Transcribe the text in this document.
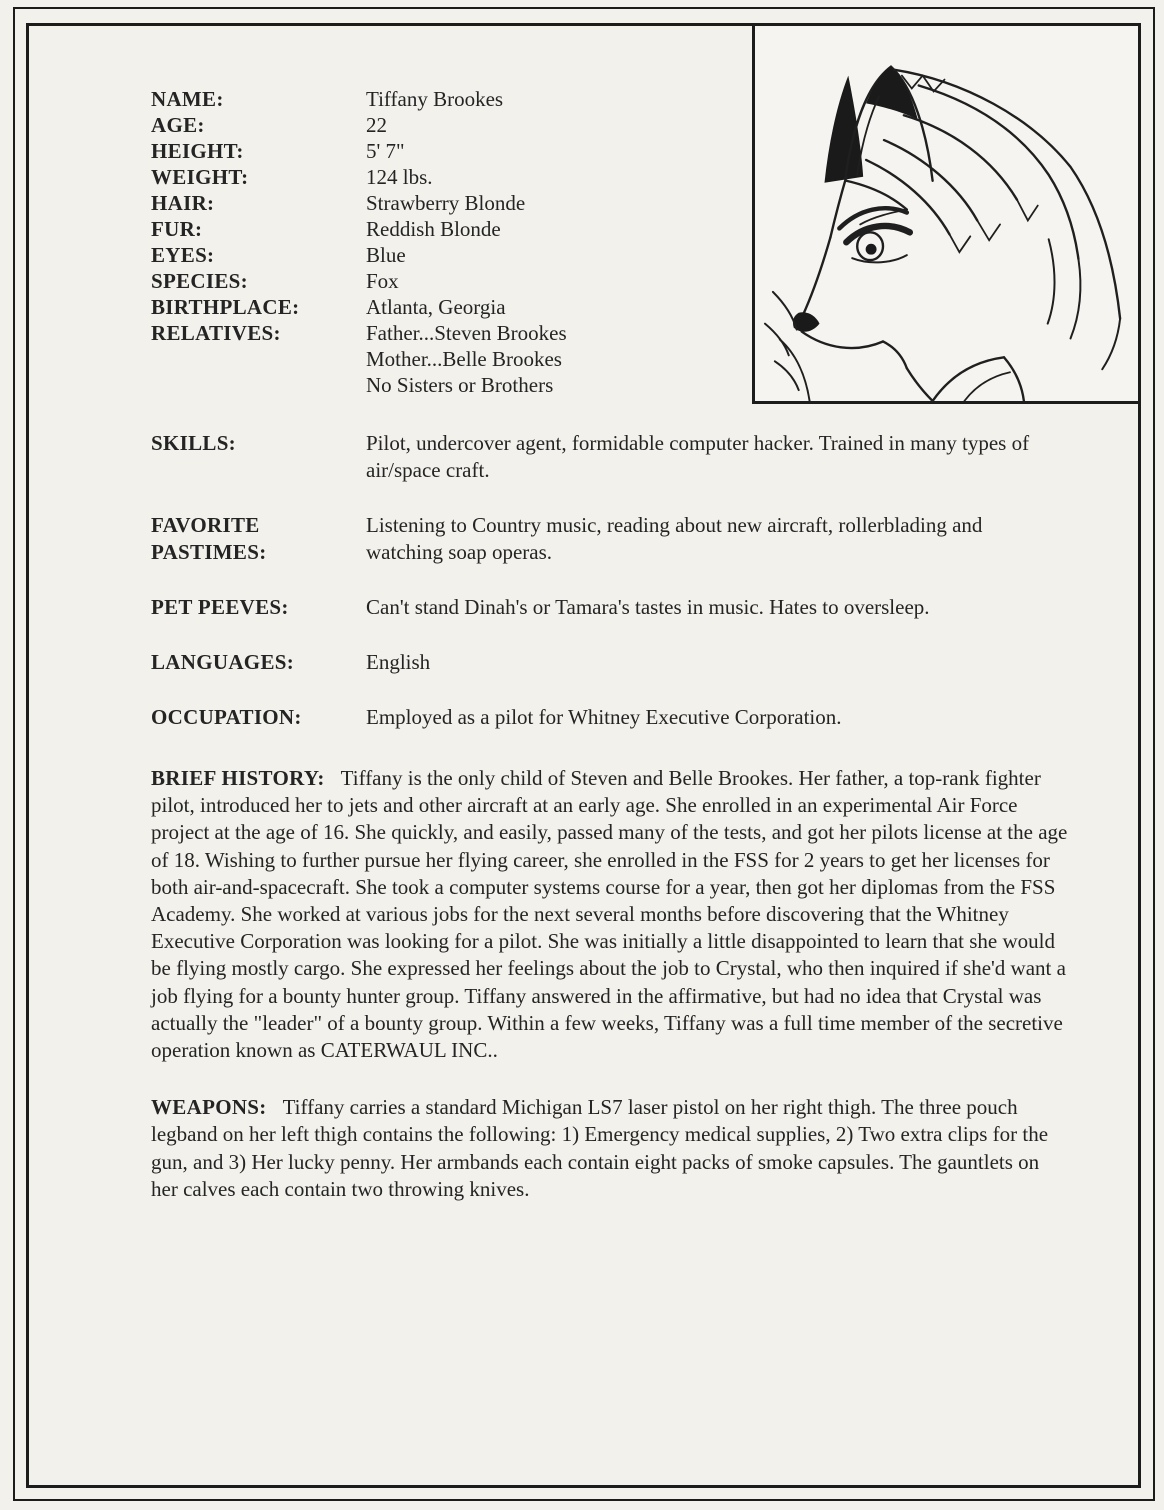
NAME:	Tiffany Brookes
AGE:	22
HEIGHT:	5' 7"
WEIGHT:	124 lbs.
HAIR:	Strawberry Blonde
FUR:	Reddish Blonde
EYES:	Blue
SPECIES:	Fox
BIRTHPLACE:	Atlanta, Georgia
RELATIVES:	Father...Steven Brookes
Mother...Belle Brookes
No Sisters or Brothers
SKILLS:	Pilot, undercover agent, formidable computer hacker. Trained in many types of air/space craft.
FAVORITE PASTIMES:
Listening to Country music, reading about new aircraft, rollerblading and watching soap operas.
PET PEEVES:	Can't stand Dinah's or Tamara's tastes in music. Hates to oversleep.
LANGUAGES:	English
OCCUPATION:	Employed as a pilot for Whitney Executive Corporation.

BRIEF HISTORY: Tiffany is the only child of Steven and Belle Brookes. Her father, a top-rank fighter pilot, introduced her to jets and other aircraft at an early age. She enrolled in an experimental Air Force project at the age of 16. She quickly, and easily, passed many of the tests, and got her pilots license at the age of 18. Wishing to further pursue her flying career, she enrolled in the FSS for 2 years to get her licenses for both air-and-spacecraft. She took a computer systems course for a year, then got her diplomas from the FSS Academy. She worked at various jobs for the next several months before discovering that the Whitney Executive Corporation was looking for a pilot. She was initially a little disappointed to learn that she would be flying mostly cargo. She expressed her feelings about the job to Crystal, who then inquired if she'd want a job flying for a bounty hunter group. Tiffany answered in the affirmative, but had no idea that Crystal was actually the "leader" of a bounty group. Within a few weeks, Tiffany was a full time member of the secretive operation known as CATERWAUL INC..

WEAPONS: Tiffany carries a standard Michigan LS7 laser pistol on her right thigh. The three pouch legband on her left thigh contains the following: 1) Emergency medical supplies, 2) Two extra clips for the gun, and 3) Her lucky penny. Her armbands each contain eight packs of smoke capsules. The gauntlets on her calves each contain two throwing knives.
